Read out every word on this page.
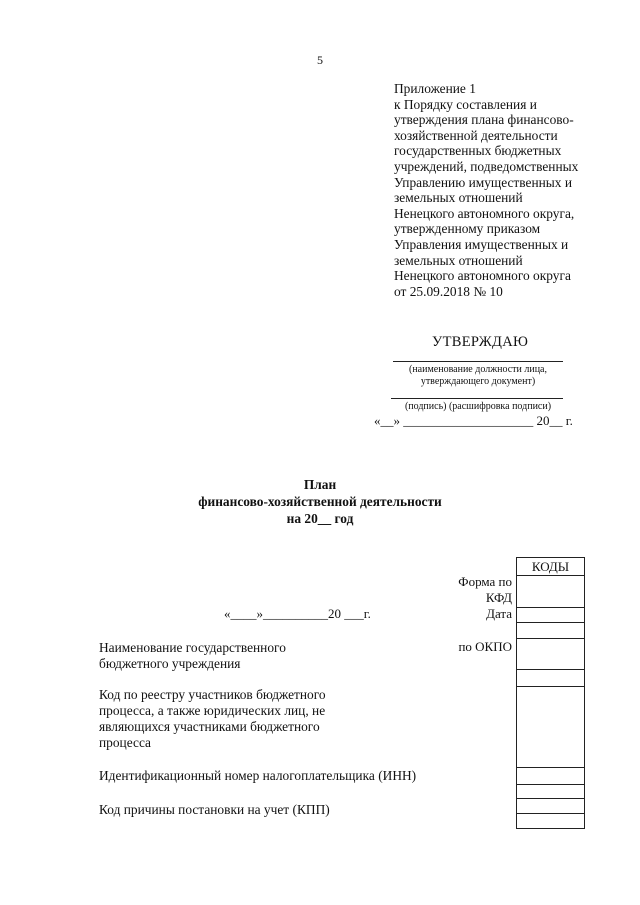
5
Приложение 1
к Порядку составления и
утверждения плана финансово-
хозяйственной деятельности
государственных бюджетных
учреждений, подведомственных
Управлению имущественных и
земельных отношений
Ненецкого автономного округа,
утвержденному приказом
Управления имущественных и
земельных отношений
Ненецкого автономного округа
от 25.09.2018 № 10
УТВЕРЖДАЮ
(наименование должности лица,
утверждающего документ)
(подпись) (расшифровка подписи)
«__» ____________________ 20__ г.
План
финансово-хозяйственной деятельности
на 20__ год
КОДЫ
Форма по
КФД
Дата
по ОКПО
«____»__________20 ___г.
Наименование государственного
бюджетного учреждения
Код по реестру участников бюджетного
процесса, а также юридических лиц, не
являющихся участниками бюджетного
процесса
Идентификационный номер налогоплательщика (ИНН)
Код причины постановки на учет (КПП)
